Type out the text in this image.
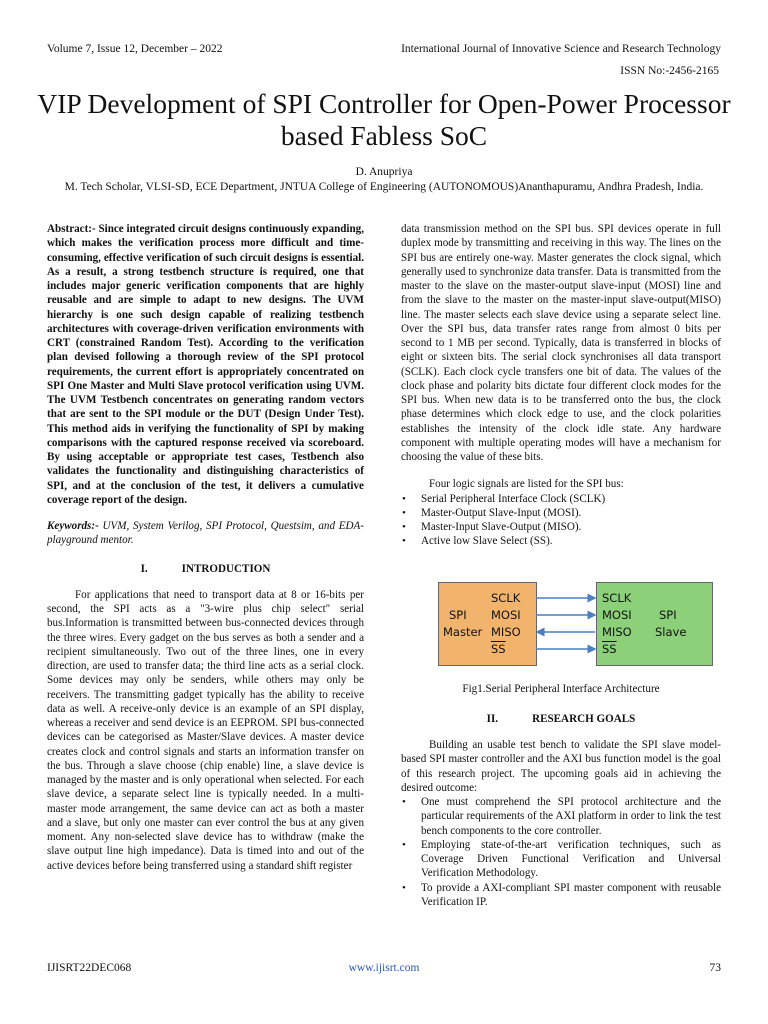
Volume 7, Issue 12, December – 2022	International Journal of Innovative Science and Research Technology
ISSN No:-2456-2165
VIP Development of SPI Controller for Open-Power Processor based Fabless SoC
D. Anupriya
M. Tech Scholar, VLSI-SD, ECE Department, JNTUA College of Engineering (AUTONOMOUS)Ananthapuramu, Andhra Pradesh, India.

Abstract:- Since integrated circuit designs continuously expanding, which makes the verification process more difficult and time-consuming, effective verification of such circuit designs is essential. As a result, a strong testbench structure is required, one that includes major generic verification components that are highly reusable and are simple to adapt to new designs. The UVM hierarchy is one such design capable of realizing testbench architectures with coverage-driven verification environments with CRT (constrained Random Test). According to the verification plan devised following a thorough review of the SPI protocol requirements, the current effort is appropriately concentrated on SPI One Master and Multi Slave protocol verification using UVM. The UVM Testbench concentrates on generating random vectors that are sent to the SPI module or the DUT (Design Under Test). This method aids in verifying the functionality of SPI by making comparisons with the captured response received via scoreboard. By using acceptable or appropriate test cases, Testbench also validates the functionality and distinguishing characteristics of SPI, and at the conclusion of the test, it delivers a cumulative coverage report of the design.

Keywords:- UVM, System Verilog, SPI Protocol, Questsim, and EDA-playground mentor.

I.	INTRODUCTION

For applications that need to transport data at 8 or 16-bits per second, the SPI acts as a "3-wire plus chip select" serial bus.Information is transmitted between bus-connected devices through the three wires. Every gadget on the bus serves as both a sender and a recipient simultaneously. Two out of the three lines, one in every direction, are used to transfer data; the third line acts as a serial clock. Some devices may only be senders, while others may only be receivers. The transmitting gadget typically has the ability to receive data as well. A receive-only device is an example of an SPI display, whereas a receiver and send device is an EEPROM. SPI bus-connected devices can be categorised as Master/Slave devices. A master device creates clock and control signals and starts an information transfer on the bus. Through a slave choose (chip enable) line, a slave device is managed by the master and is only operational when selected. For each slave device, a separate select line is typically needed. In a multi-master mode arrangement, the same device can act as both a master and a slave, but only one master can ever control the bus at any given moment. Any non-selected slave device has to withdraw (make the slave output line high impedance). Data is timed into and out of the active devices before being transferred using a standard shift register

data transmission method on the SPI bus. SPI devices operate in full duplex mode by transmitting and receiving in this way. The lines on the SPI bus are entirely one-way. Master generates the clock signal, which generally used to synchronize data transfer. Data is transmitted from the master to the slave on the master-output slave-input (MOSI) line and from the slave to the master on the master-input slave-output(MISO) line. The master selects each slave device using a separate select line. Over the SPI bus, data transfer rates range from almost 0 bits per second to 1 MB per second. Typically, data is transferred in blocks of eight or sixteen bits. The serial clock synchronises all data transport (SCLK). Each clock cycle transfers one bit of data. The values of the clock phase and polarity bits dictate four different clock modes for the SPI bus. When new data is to be transferred onto the bus, the clock phase determines which clock edge to use, and the clock polarities establishes the intensity of the clock idle state. Any hardware component with multiple operating modes will have a mechanism for choosing the value of these bits.

Four logic signals are listed for the SPI bus:

• Serial Peripheral Interface Clock (SCLK)
• Master-Output Slave-Input (MOSI).
• Master-Input Slave-Output (MISO).
• Active low Slave Select (SS).
SPI
Master
SCLK
MOSI
MISO
$\overline{SS}$
SCLK
MOSI
MISO
$\overline{SS}$
SPI
Slave

Fig1.Serial Peripheral Interface Architecture

II.	RESEARCH GOALS

Building an usable test bench to validate the SPI slave model-based SPI master controller and the AXI bus function model is the goal of this research project. The upcoming goals aid in achieving the desired outcome:

• One must comprehend the SPI protocol architecture and the particular requirements of the AXI platform in order to link the test bench components to the core controller.
• Employing state-of-the-art verification techniques, such as Coverage Driven Functional Verification and Universal Verification Methodology.
• To provide a AXI-compliant SPI master component with reusable Verification IP.
IJISRT22DEC068	www.ijisrt.com	73
